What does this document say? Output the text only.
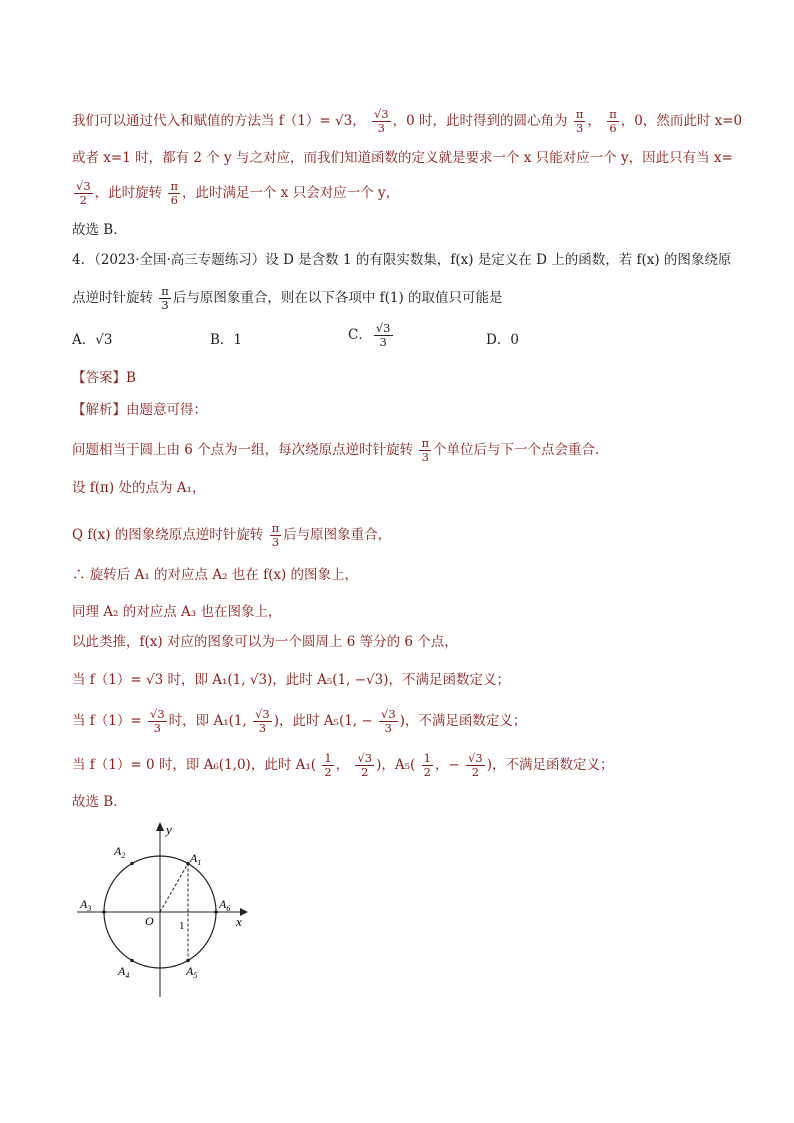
我们可以通过代入和赋值的方法当 f（1）= √3， $\frac{√3}{3}$ ，0 时，此时得到的圆心角为 $\frac{\pi}{3}$ ， $\frac{\pi}{6}$ ，0，然而此时 x=0
或者 x=1 时，都有 2 个 y 与之对应，而我们知道函数的定义就是要求一个 x 只能对应一个 y，因此只有当 x=
$\frac{√3}{2}$ ，此时旋转 $\frac{\pi}{6}$ ，此时满足一个 x 只会对应一个 y，
故选 B．
4．（2023·全国·高三专题练习）设 D 是含数 1 的有限实数集，f(x) 是定义在 D 上的函数，若 f(x) 的图象绕原
点逆时针旋转 $\frac{\pi}{3}$ 后与原图象重合，则在以下各项中 f(1) 的取值只可能是
A．√3	B．1	C． $\frac{√3}{3}$	D．0
【答案】B
【解析】由题意可得：
问题相当于圆上由 6 个点为一组，每次绕原点逆时针旋转 $\frac{\pi}{3}$ 个单位后与下一个点会重合．
设 f(π) 处的点为 A₁，
Q f(x) 的图象绕原点逆时针旋转 $\frac{\pi}{3}$ 后与原图象重合，
∴ 旋转后 A₁ 的对应点 A₂ 也在 f(x) 的图象上，
同理 A₂ 的对应点 A₃ 也在图象上，
以此类推，f(x) 对应的图象可以为一个圆周上 6 等分的 6 个点，
当 f（1）= √3 时，即 A₁(1, √3)，此时 A₅(1, −√3)，不满足函数定义；
当 $f(1)= \frac{√3}{3}$ 时，即 A₁(1, $\frac{√3}{3}$ )，此时 A₅(1, − $\frac{√3}{3}$ )，不满足函数定义；
当 f（1）= 0 时，即 A₆(1,0)，此时 $A_1( \frac{1}{2}$ ， $\frac{√3}{2}$ )，$A_5( \frac{1}{2}$ ，− $\frac{√3}{2}$ )，不满足函数定义；
故选 B．
$A_1$
$A_2$
$A_3$
$A_4$	$A_5$
$A_6$
O	x
y
1
